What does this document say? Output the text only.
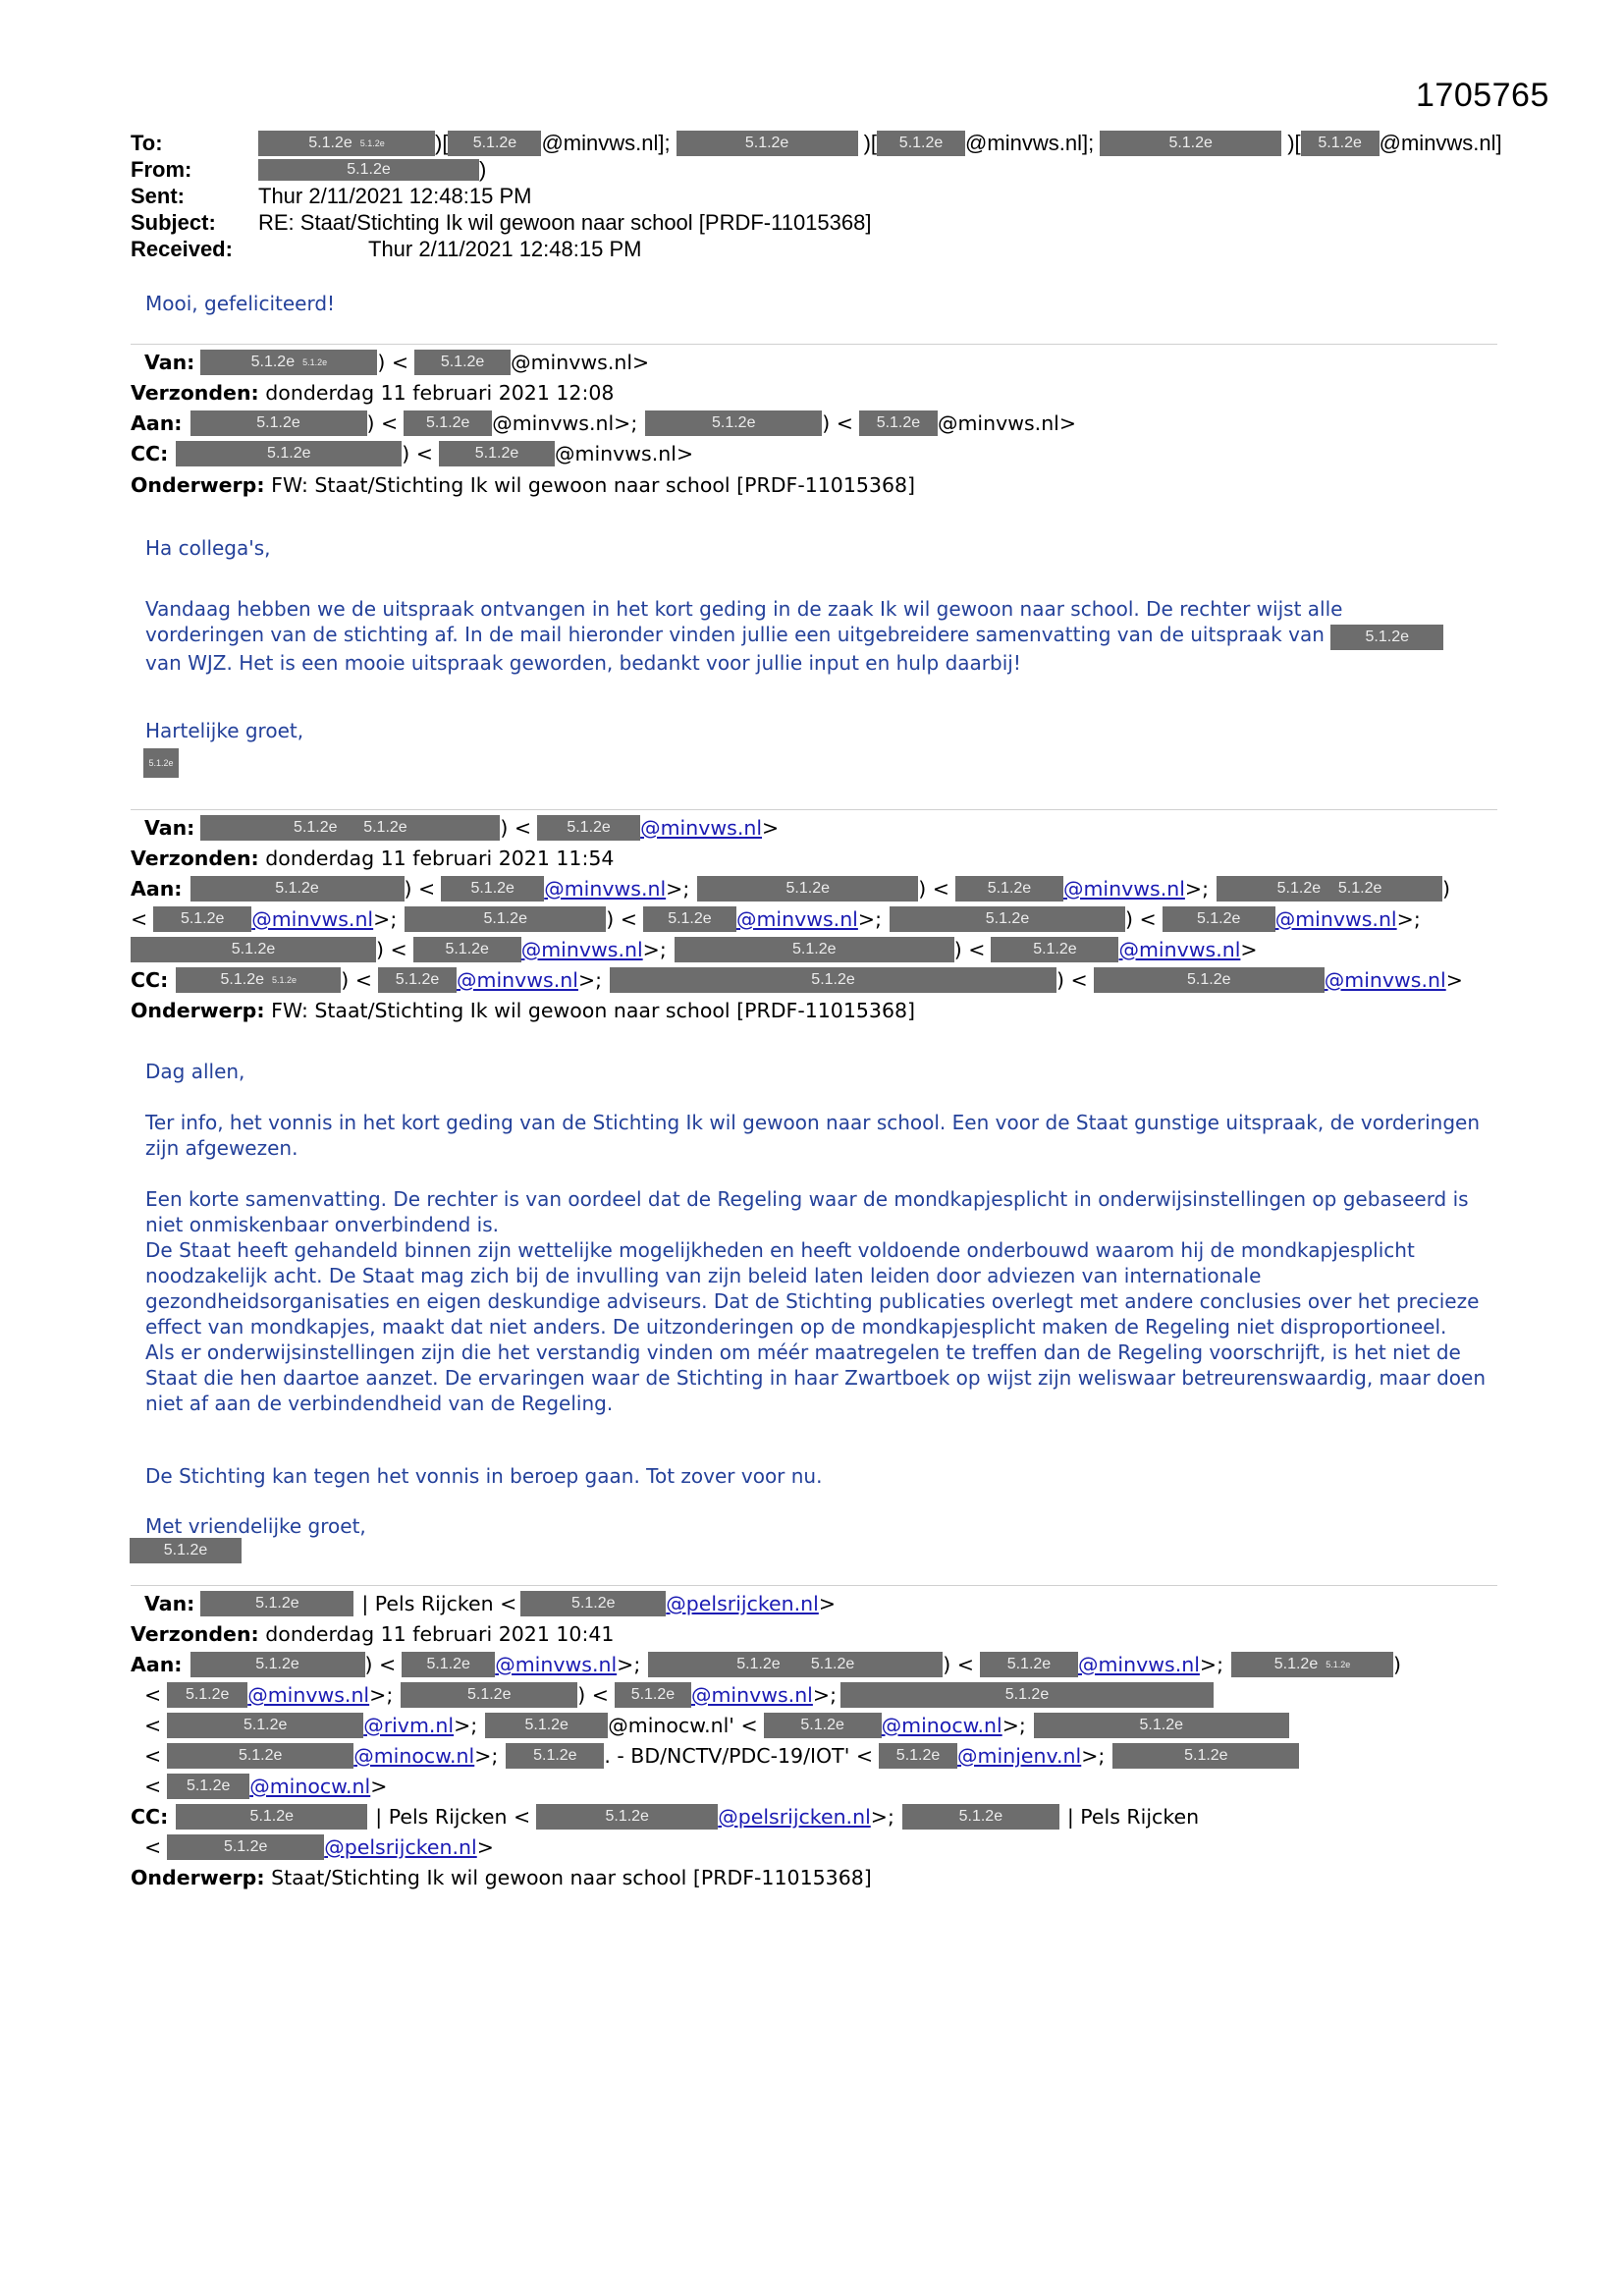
1705765
To:	5.1.2e 5.1.2e	)[	5.1.2e	@minvws.nl];	5.1.2e	)[	5.1.2e	@minvws.nl];	5.1.2e	)[	5.1.2e @minvws.nl]
From:	5.1.2e	)
Sent:	Thur 2/11/2021 12:48:15 PM
Subject:	RE: Staat/Stichting Ik wil gewoon naar school [PRDF-11015368]
Received:	Thur 2/11/2021 12:48:15 PM
Mooi, gefeliciteerd!
Van:	5.1.2e 5.1.2e	) <	5.1.2e	@minvws.nl>
Verzonden:
donderdag 11 februari 2021 12:08
Aan:	5.1.2e	) <	5.1.2e	@minvws.nl>;	5.1.2e	) <	5.1.2e @minvws.nl>
CC:	5.1.2e	) <	5.1.2e	@minvws.nl>
Onderwerp:
FW: Staat/Stichting Ik wil gewoon naar school [PRDF-11015368]
Ha collega's,

Vandaag hebben we de uitspraak ontvangen in het kort geding in de zaak Ik wil gewoon naar school. De rechter wijst alle

vorderingen van de stichting af. In de mail hieronder vinden jullie een uitgebreidere samenvatting van de uitspraak van	5.1.2e

van WJZ. Het is een mooie uitspraak geworden, bedankt voor jullie input en hulp daarbij!

Hartelijke groet,
5.1.2e
Van:	5.1.2e 5.1.2e	) <	5.1.2e	@minvws.nl >
Verzonden:
donderdag 11 februari 2021 11:54
Aan:	5.1.2e	) <	5.1.2e	@minvws.nl >;	5.1.2e	) <	5.1.2e	@minvws.nl >;	5.1.2e 5.1.2e	)
<	5.1.2e	@minvws.nl >;	5.1.2e	) <	5.1.2e	@minvws.nl >;	5.1.2e	) <	5.1.2e	@minvws.nl >;
5.1.2e	) <	5.1.2e	@minvws.nl >;	5.1.2e	) <	5.1.2e	@minvws.nl >
CC:	5.1.2e 5.1.2e	) <	5.1.2e @minvws.nl >;	5.1.2e	) <	5.1.2e	@minvws.nl >
Onderwerp:
FW: Staat/Stichting Ik wil gewoon naar school [PRDF-11015368]
Dag allen,
Ter info, het vonnis in het kort geding van de Stichting Ik wil gewoon naar school. Een voor de Staat gunstige uitspraak, de vorderingen zijn afgewezen.

Een korte samenvatting. De rechter is van oordeel dat de Regeling waar de mondkapjesplicht in onderwijsinstellingen op gebaseerd is niet onmiskenbaar onverbindend is.

De Staat heeft gehandeld binnen zijn wettelijke mogelijkheden en heeft voldoende onderbouwd waarom hij de mondkapjesplicht noodzakelijk acht. De Staat mag zich bij de invulling van zijn beleid laten leiden door adviezen van internationale gezondheidsorganisaties en eigen deskundige adviseurs. Dat de Stichting publicaties overlegt met andere conclusies over het precieze effect van mondkapjes, maakt dat niet anders. De uitzonderingen op de mondkapjesplicht maken de Regeling niet disproportioneel.

Als er onderwijsinstellingen zijn die het verstandig vinden om méér maatregelen te treffen dan de Regeling voorschrijft, is het niet de Staat die hen daartoe aanzet. De ervaringen waar de Stichting in haar Zwartboek op wijst zijn weliswaar betreurenswaardig, maar doen niet af aan de verbindendheid van de Regeling.

De Stichting kan tegen het vonnis in beroep gaan. Tot zover voor nu.
Met vriendelijke groet,
5.1.2e
Van:	5.1.2e	| Pels Rijcken <	5.1.2e	@pelsrijcken.nl >
Verzonden:
donderdag 11 februari 2021 10:41
Aan:	5.1.2e	) <	5.1.2e	@minvws.nl >;	5.1.2e 5.1.2e	) <	5.1.2e	@minvws.nl >;	5.1.2e 5.1.2e	)
<	5.1.2e @minvws.nl >;	5.1.2e	) <	5.1.2e @minvws.nl >;	5.1.2e
<	5.1.2e	@rivm.nl >;	5.1.2e	@minocw.nl' <	5.1.2e	@minocw.nl >;	5.1.2e
<	5.1.2e	@minocw.nl >;	5.1.2e	. - BD/NCTV/PDC-19/IOT' <	5.1.2e @minjenv.nl >;	5.1.2e
<	5.1.2e @minocw.nl >
CC:	5.1.2e	| Pels Rijcken <	5.1.2e	@pelsrijcken.nl >;	5.1.2e	| Pels Rijcken
<	5.1.2e	@pelsrijcken.nl >
Onderwerp:
Staat/Stichting Ik wil gewoon naar school [PRDF-11015368]
